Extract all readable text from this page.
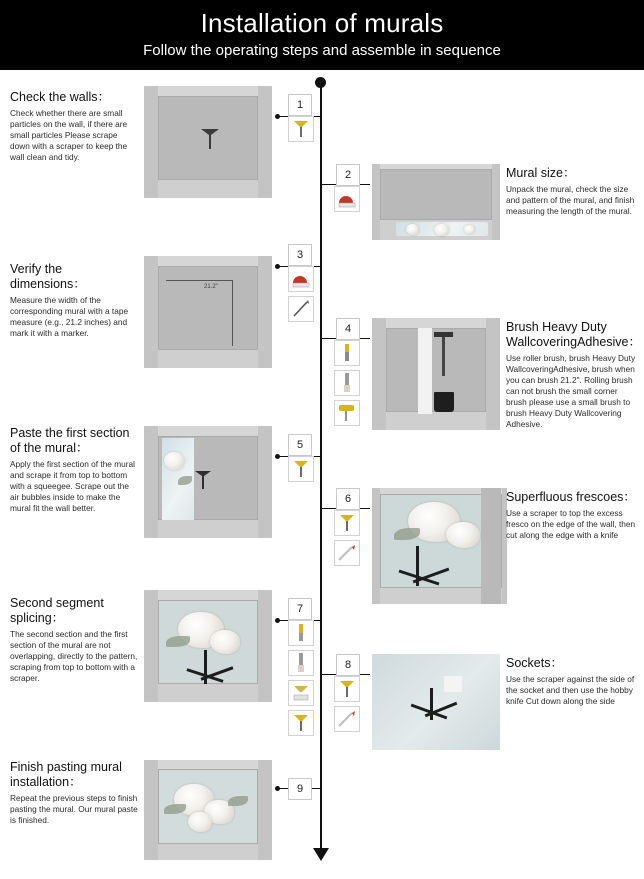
Installation of murals
Follow the operating steps and assemble in sequence
Check the walls：
Check whether there are small particles on the wall, if there are small particles Please scrape down with a scraper to keep the wall clean and tidy.
1
2	Mural size：
Unpack the mural, check the size and pattern of the mural, and finish measuring the length of the mural.
Verify the dimensions：
Measure the width of the corresponding mural with a tape measure (e.g., 21.2 inches) and mark it with a marker.
21.2"
3
4	Brush Heavy Duty WallcoveringAdhesive：
Use roller brush, brush Heavy Duty WallcoveringAdhesive, brush when you can brush 21.2". Rolling brush can not brush the small corner brush please use a small brush to brush Heavy Duty Wallcovering Adhesive.
Paste the first section of the mural：
Apply the first section of the mural and scrape it from top to bottom with a squeegee. Scrape out the air bubbles inside to make the mural fit the wall better.
5
6	Superfluous frescoes：
Use a scraper to top the excess fresco on the edge of the wall, then cut along the edge with a knife
Second segment splicing：
The second section and the first section of the mural are not overlapping, directly to the pattern, scraping from top to bottom with a scraper.
7
8	Sockets：
Use the scraper against the side of the socket and then use the hobby knife Cut down along the side
Finish pasting mural installation：
Repeat the previous steps to finish pasting the mural. Our mural paste is finished.
9
